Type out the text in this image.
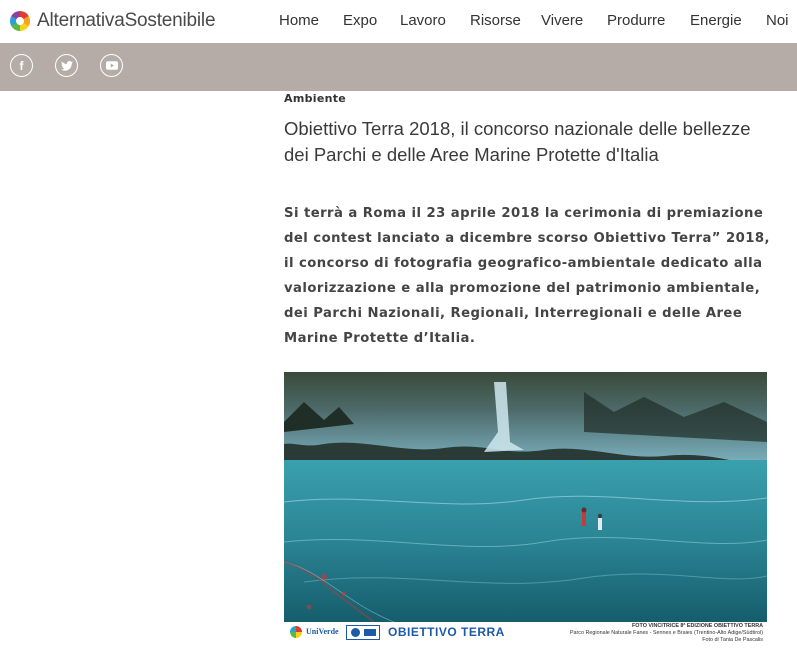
AlternativaSostenibile	Home Expo Lavoro Risorse Vivere Produrre Energie Noi
f
Ambiente
Obiettivo Terra 2018, il concorso nazionale delle bellezze dei Parchi e delle Aree Marine Protette d'Italia
Si terrà a Roma il 23 aprile 2018 la cerimonia di premiazione del contest lanciato a dicembre scorso Obiettivo Terra” 2018, il concorso di fotografia geografico-ambientale dedicato alla valorizzazione e alla promozione del patrimonio ambientale, dei Parchi Nazionali, Regionali, Interregionali e delle Aree Marine Protette d’Italia.
UniVerde	OBIETTIVO TERRA	FOTO VINCITRICE 8ª EDIZIONE OBIETTIVO TERRA
Parco Regionale Naturale Fanes - Sennes e Braies (Trentino-Alto Adige/Südtirol)
Foto di Tania De Pascalis
